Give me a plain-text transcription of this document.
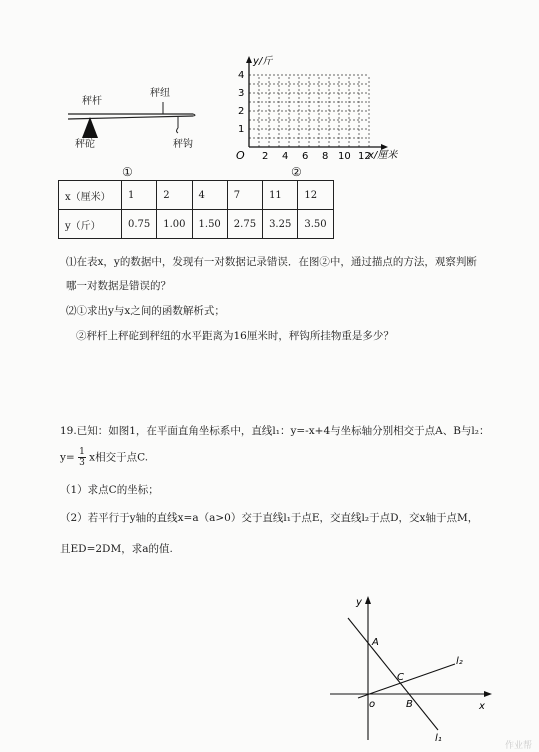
秤杆
秤纽
秤砣	秤钩
y/斤
x/厘米
O
1
2
3
4
2 4 6 8 10 12
①	②
x（厘米）	1	2	4	7	11	12
y（斤）	0.75	1.00	1.50	2.75	3.25	3.50
⑴在表x，y的数据中，发现有一对数据记录错误．在图②中，通过描点的方法，观察判断
哪一对数据是错误的？
⑵①求出y与x之间的函数解析式；
②秤杆上秤砣到秤纽的水平距离为16厘米时，秤钩所挂物重是多少？
19.已知：如图1，在平面直角坐标系中，直线l₁：y=-x+4与坐标轴分别相交于点A、B与l₂：
$y= \frac{1}{3}$ x相交于点C.
（1）求点C的坐标；
（2）若平行于y轴的直线x=a（a>0）交于直线l₁于点E，交直线l₂于点D，交x轴于点M，
且ED=2DM，求a的值.
y
x
o
A
B
C
l₂
l₁
作业帮
